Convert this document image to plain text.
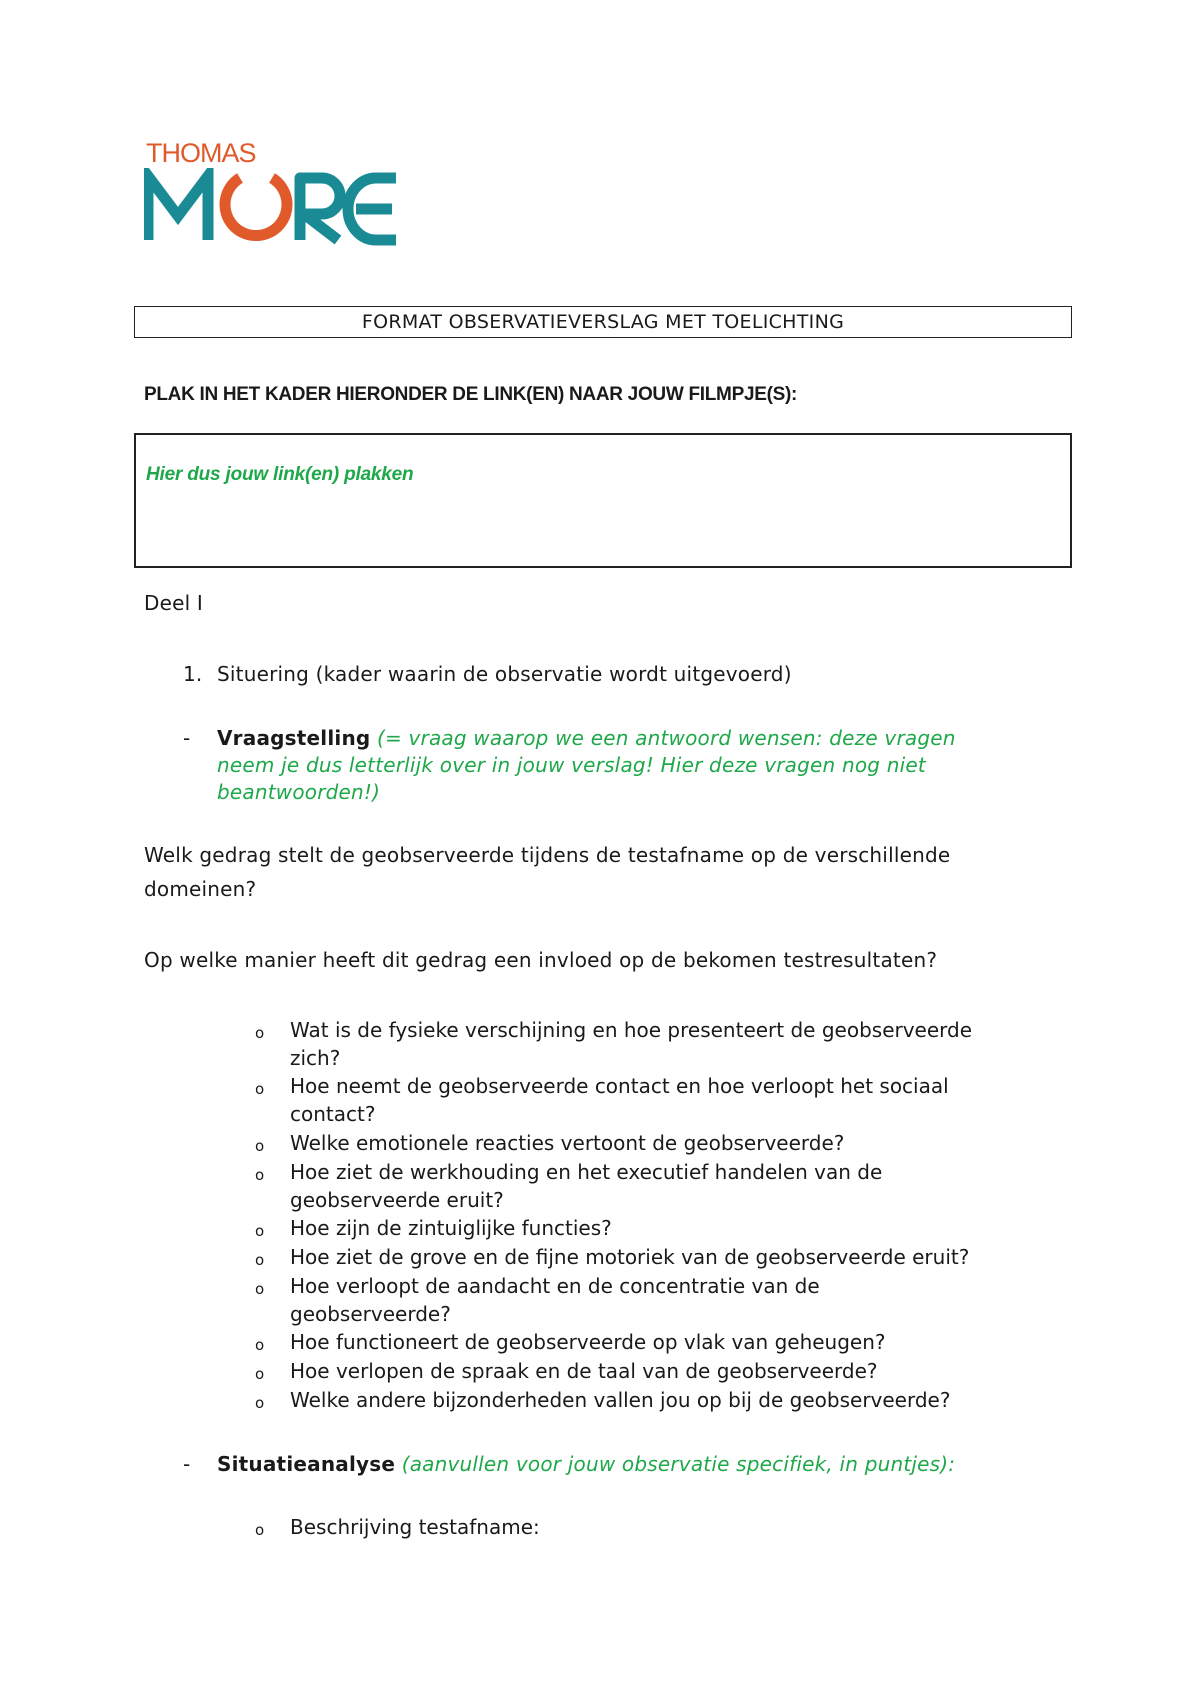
THOMAS
FORMAT OBSERVATIEVERSLAG MET TOELICHTING
PLAK IN HET KADER HIERONDER DE LINK(EN) NAAR JOUW FILMPJE(S):
Hier dus jouw link(en) plakken
Deel I
1. Situering (kader waarin de observatie wordt uitgevoerd)
- Vraagstelling (= vraag waarop we een antwoord wensen: deze vragen
neem je dus letterlijk over in jouw verslag! Hier deze vragen nog niet
beantwoorden!)
Welk gedrag stelt de geobserveerde tijdens de testafname op de verschillende
domeinen?
Op welke manier heeft dit gedrag een invloed op de bekomen testresultaten?
o Wat is de fysieke verschijning en hoe presenteert de geobserveerde
zich?
o Hoe neemt de geobserveerde contact en hoe verloopt het sociaal
contact?
o Welke emotionele reacties vertoont de geobserveerde?
o Hoe ziet de werkhouding en het executief handelen van de
geobserveerde eruit?
o Hoe zijn de zintuiglijke functies?
o Hoe ziet de grove en de fijne motoriek van de geobserveerde eruit?
o Hoe verloopt de aandacht en de concentratie van de
geobserveerde?
o Hoe functioneert de geobserveerde op vlak van geheugen?
o Hoe verlopen de spraak en de taal van de geobserveerde?
o Welke andere bijzonderheden vallen jou op bij de geobserveerde?
- Situatieanalyse (aanvullen voor jouw observatie specifiek, in puntjes):
o Beschrijving testafname:
